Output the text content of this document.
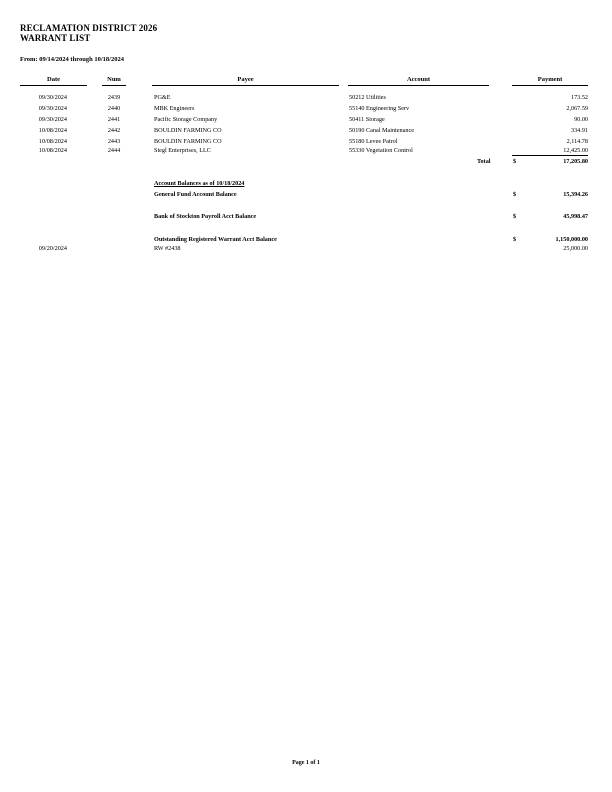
RECLAMATION DISTRICT 2026
WARRANT LIST
From: 09/14/2024 through 10/18/2024
Date	Num	Payee	Account	Payment
09/30/2024	2439	PG&E	50212 Utilities	173.52
09/30/2024	2440	MBK Engineers	55140 Engineering Serv	2,067.59
09/30/2024	2441	Pacific Storage Company	50411 Storage	90.00
10/08/2024	2442	BOULDIN FARMING CO	50190 Canal Maintenance	334.91
10/08/2024	2443	BOULDIN FARMING CO	55180 Levee Patrol	2,114.78
10/08/2024	2444	Siegl Enterprises, LLC	55330 Vegetation Control	12,425.00
Total	$	17,205.80
Account Balances as of 10/18/2024
General Fund Account Balance	$	15,394.26
Bank of Stockton Payroll Acct Balance	$	45,998.47
Outstanding Registered Warrant Acct Balance	$	1,150,000.00
09/20/2024	RW #2438	25,000.00
Page 1 of 1
